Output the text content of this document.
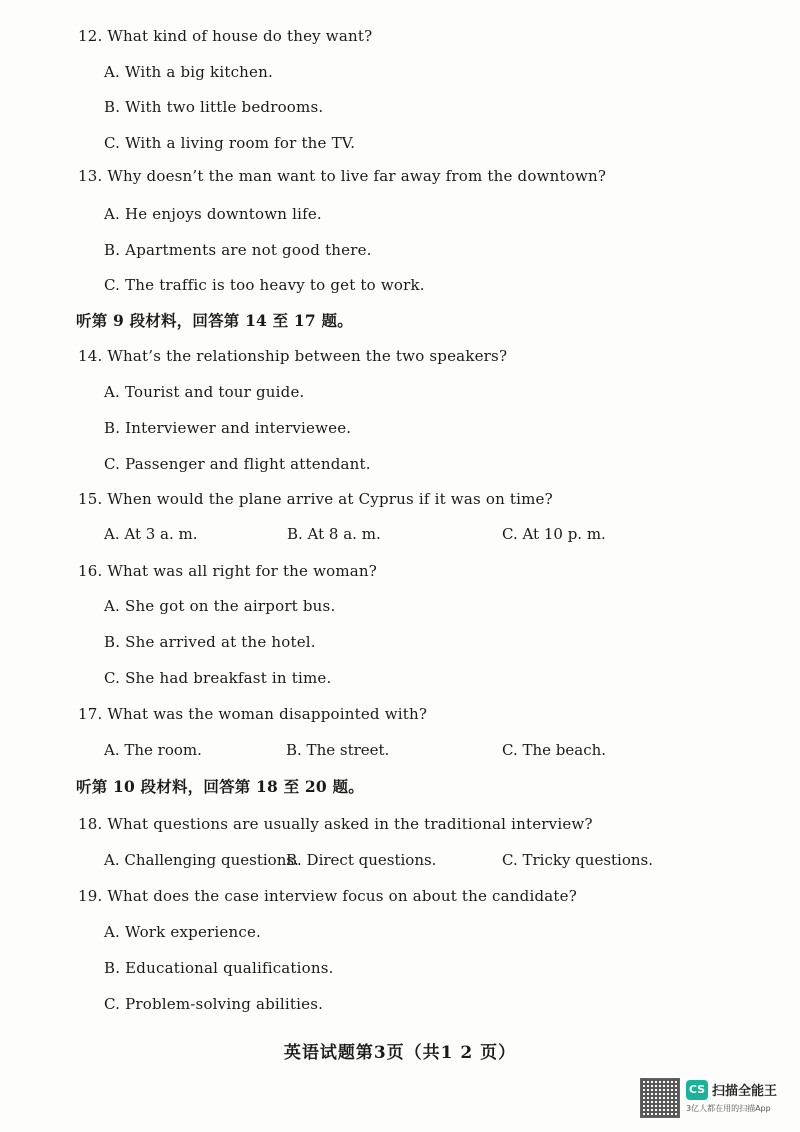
12. What kind of house do they want?
A. With a big kitchen.
B. With two little bedrooms.
C. With a living room for the TV.
13. Why doesn’t the man want to live far away from the downtown?
A. He enjoys downtown life.
B. Apartments are not good there.
C. The traffic is too heavy to get to work.
听第 9 段材料，回答第 14 至 17 题。
14. What’s the relationship between the two speakers?
A. Tourist and tour guide.
B. Interviewer and interviewee.
C. Passenger and flight attendant.
15. When would the plane arrive at Cyprus if it was on time?
A. At 3 a. m.	B. At 8 a. m.	C. At 10 p. m.
16. What was all right for the woman?
A. She got on the airport bus.
B. She arrived at the hotel.
C. She had breakfast in time.
17. What was the woman disappointed with?
A. The room.	B. The street.	C. The beach.
听第 10 段材料，回答第 18 至 20 题。
18. What questions are usually asked in the traditional interview?
A. Challenging questions.
B. Direct questions.	C. Tricky questions.
19. What does the case interview focus on about the candidate?
A. Work experience.
B. Educational qualifications.
C. Problem-solving abilities.
英语试题第3页（共1 2 页）
CS 扫描全能王
3亿人都在用的扫描App
